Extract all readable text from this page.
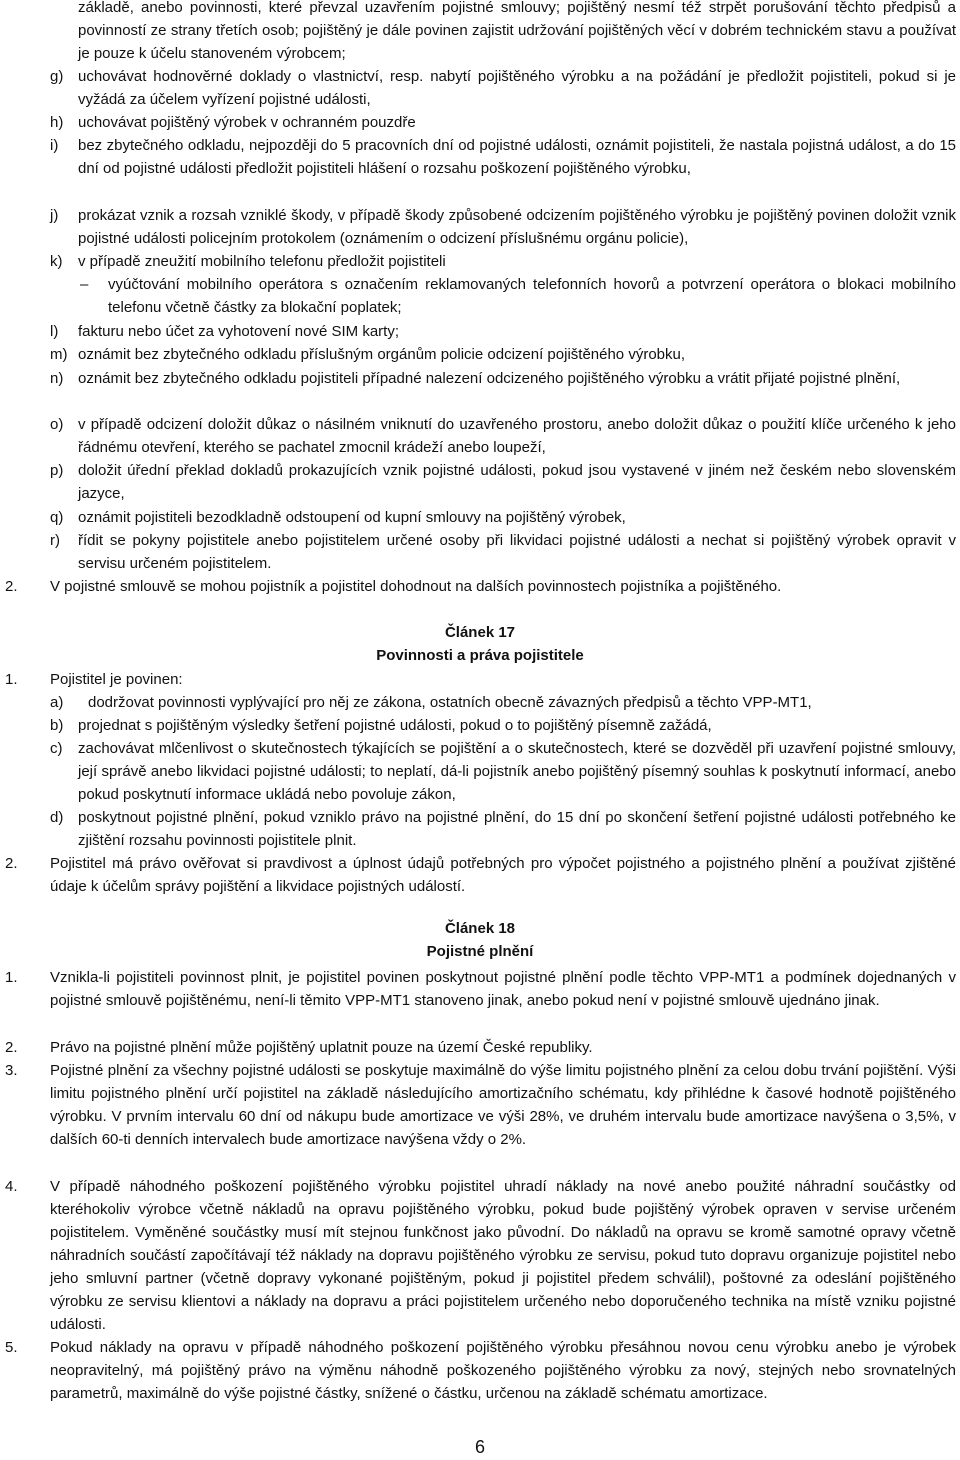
základě, anebo povinnosti, které převzal uzavřením pojistné smlouvy; pojištěný nesmí též strpět porušování těchto předpisů a povinností ze strany třetích osob; pojištěný je dále povinen zajistit udržování pojištěných věcí v dobrém technickém stavu a používat je pouze k účelu stanoveném výrobcem;

g) uchovávat hodnověrné doklady o vlastnictví, resp. nabytí pojištěného výrobku a na požádání je předložit pojistiteli, pokud si je vyžádá za účelem vyřízení pojistné události,

h) uchovávat pojištěný výrobek v ochranném pouzdře

i) bez zbytečného odkladu, nejpozději do 5 pracovních dní od pojistné události, oznámit pojistiteli, že nastala pojistná událost, a do 15 dní od pojistné události předložit pojistiteli hlášení o rozsahu poškození pojištěného výrobku,

j) prokázat vznik a rozsah vzniklé škody, v případě škody způsobené odcizením pojištěného výrobku je pojištěný povinen doložit vznik pojistné události policejním protokolem (oznámením o odcizení příslušnému orgánu policie),

k) v případě zneužití mobilního telefonu předložit pojistiteli

– vyúčtování mobilního operátora s označením reklamovaných telefonních hovorů a potvrzení operátora o blokaci mobilního telefonu včetně částky za blokační poplatek;

l) fakturu nebo účet za vyhotovení nové SIM karty;

m) oznámit bez zbytečného odkladu příslušným orgánům policie odcizení pojištěného výrobku,

n) oznámit bez zbytečného odkladu pojistiteli případné nalezení odcizeného pojištěného výrobku a vrátit přijaté pojistné plnění,

o) v případě odcizení doložit důkaz o násilném vniknutí do uzavřeného prostoru, anebo doložit důkaz o použití klíče určeného k jeho řádnému otevření, kterého se pachatel zmocnil krádeží anebo loupeží,

p) doložit úřední překlad dokladů prokazujících vznik pojistné události, pokud jsou vystavené v jiném než českém nebo slovenském jazyce,

q) oznámit pojistiteli bezodkladně odstoupení od kupní smlouvy na pojištěný výrobek,

r) řídit se pokyny pojistitele anebo pojistitelem určené osoby při likvidaci pojistné události a nechat si pojištěný výrobek opravit v servisu určeném pojistitelem.

2. V pojistné smlouvě se mohou pojistník a pojistitel dohodnout na dalších povinnostech pojistníka a pojištěného.

Článek 17
Povinnosti a práva pojistitele
1. Pojistitel je povinen:

a) dodržovat povinnosti vyplývající pro něj ze zákona, ostatních obecně závazných předpisů a těchto VPP-MT1,

b) projednat s pojištěným výsledky šetření pojistné události, pokud o to pojištěný písemně zažádá,

c) zachovávat mlčenlivost o skutečnostech týkajících se pojištění a o skutečnostech, které se dozvěděl při uzavření pojistné smlouvy, její správě anebo likvidaci pojistné události; to neplatí, dá-li pojistník anebo pojištěný písemný souhlas k poskytnutí informací, anebo pokud poskytnutí informace ukládá nebo povoluje zákon,

d) poskytnout pojistné plnění, pokud vzniklo právo na pojistné plnění, do 15 dní po skončení šetření pojistné události potřebného ke zjištění rozsahu povinnosti pojistitele plnit.

2. Pojistitel má právo ověřovat si pravdivost a úplnost údajů potřebných pro výpočet pojistného a pojistného plnění a používat zjištěné údaje k účelům správy pojištění a likvidace pojistných událostí.

Článek 18
Pojistné plnění
1. Vznikla-li pojistiteli povinnost plnit, je pojistitel povinen poskytnout pojistné plnění podle těchto VPP-MT1 a podmínek dojednaných v pojistné smlouvě pojištěnému, není-li těmito VPP-MT1 stanoveno jinak, anebo pokud není v pojistné smlouvě ujednáno jinak.

2. Právo na pojistné plnění může pojištěný uplatnit pouze na území České republiky.

3. Pojistné plnění za všechny pojistné události se poskytuje maximálně do výše limitu pojistného plnění za celou dobu trvání pojištění. Výši limitu pojistného plnění určí pojistitel na základě následujícího amortizačního schématu, kdy přihlédne k časové hodnotě pojištěného výrobku. V prvním intervalu 60 dní od nákupu bude amortizace ve výši 28%, ve druhém intervalu bude amortizace navýšena o 3,5%, v dalších 60-ti denních intervalech bude amortizace navýšena vždy o 2%.

4. V případě náhodného poškození pojištěného výrobku pojistitel uhradí náklady na nové anebo použité náhradní součástky od kteréhokoliv výrobce včetně nákladů na opravu pojištěného výrobku, pokud bude pojištěný výrobek opraven v servise určeném pojistitelem. Vyměněné součástky musí mít stejnou funkčnost jako původní. Do nákladů na opravu se kromě samotné opravy včetně náhradních součástí započítávají též náklady na dopravu pojištěného výrobku ze servisu, pokud tuto dopravu organizuje pojistitel nebo jeho smluvní partner (včetně dopravy vykonané pojištěným, pokud ji pojistitel předem schválil), poštovné za odeslání pojištěného výrobku ze servisu klientovi a náklady na dopravu a práci pojistitelem určeného nebo doporučeného technika na místě vzniku pojistné události.

5. Pokud náklady na opravu v případě náhodného poškození pojištěného výrobku přesáhnou novou cenu výrobku anebo je výrobek neopravitelný, má pojištěný právo na výměnu náhodně poškozeného pojištěného výrobku za nový, stejných nebo srovnatelných parametrů, maximálně do výše pojistné částky, snížené o částku, určenou na základě schématu amortizace.

6
